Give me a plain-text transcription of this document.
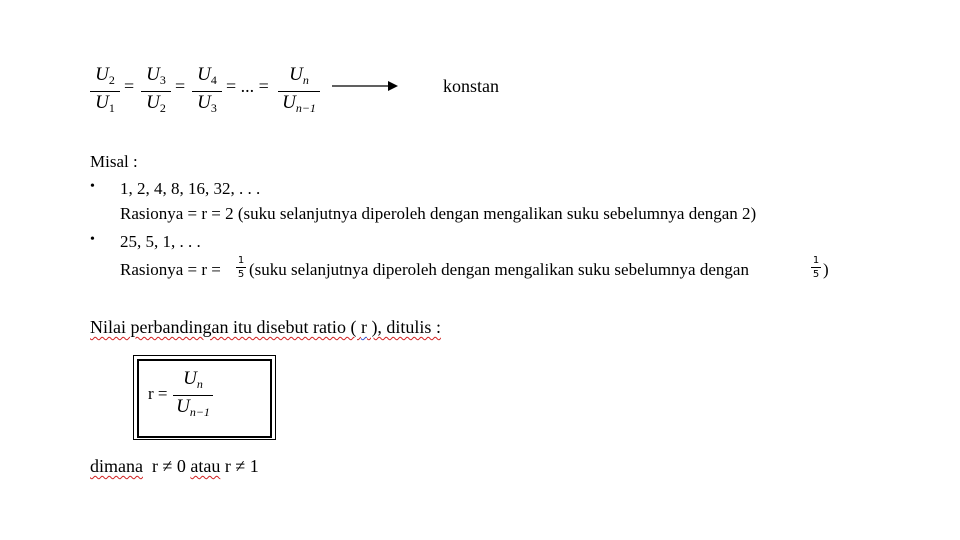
$U_2$
$U_1$
=
$U_3$
$U_2$
=
$U_4$
$U_3$
= ... =
$U_n$
$U_{n-1}$
konstan
Misal :
• 1, 2, 4, 8, 16, 32, . . .
Rasionya = r = 2 (suku selanjutnya diperoleh dengan mengalikan suku sebelumnya dengan 2)
• 25, 5, 1, . . .
Rasionya = r = 1
5 (suku selanjutnya diperoleh dengan mengalikan suku sebelumnya dengan	1
5 )
Nilai perbandingan itu disebut ratio ( r ), ditulis :
r =
$U_n$
$U_{n-1}$
dimana r ≠ 0 atau r ≠ 1
